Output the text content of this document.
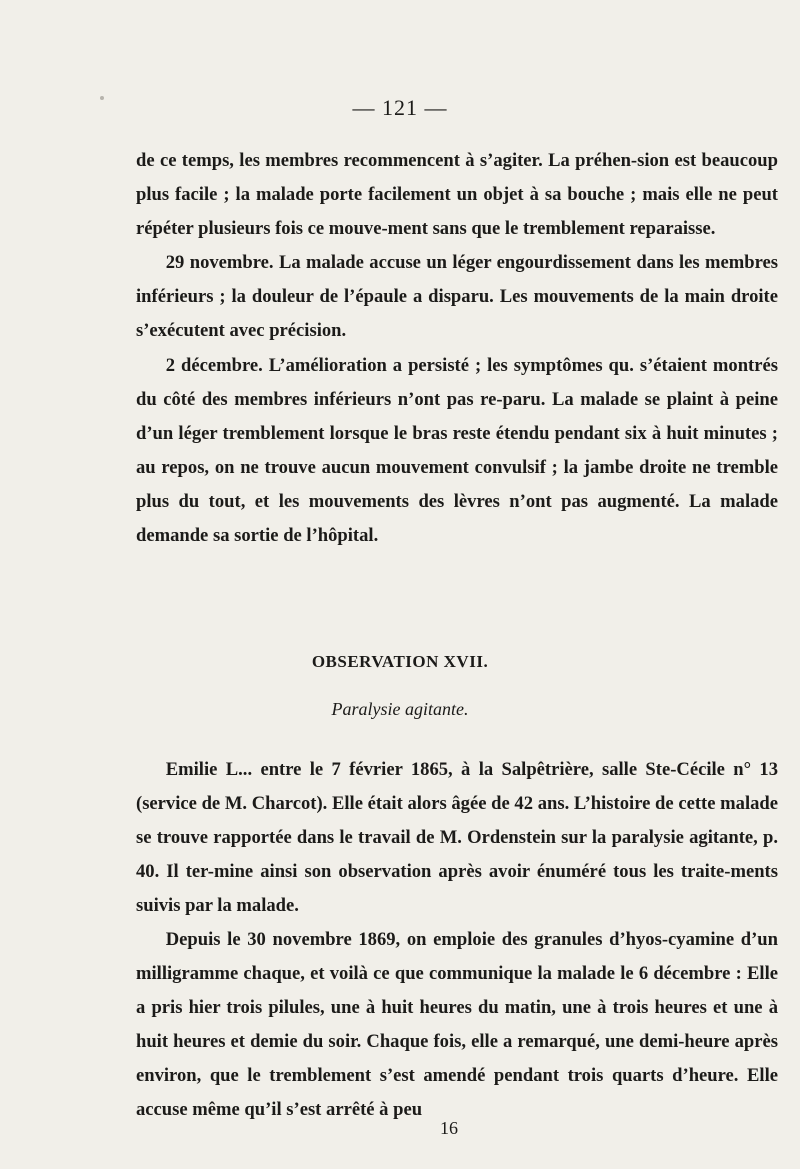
— 121 —

de ce temps, les membres recommencent à s’agiter. La préhen-sion est beaucoup plus facile ; la malade porte facilement un objet à sa bouche ; mais elle ne peut répéter plusieurs fois ce mouve-ment sans que le tremblement reparaisse.

29 novembre. La malade accuse un léger engourdissement dans les membres inférieurs ; la douleur de l’épaule a disparu. Les mouvements de la main droite s’exécutent avec précision.

2 décembre. L’amélioration a persisté ; les symptômes qu. s’étaient montrés du côté des membres inférieurs n’ont pas re-paru. La malade se plaint à peine d’un léger tremblement lorsque le bras reste étendu pendant six à huit minutes ; au repos, on ne trouve aucun mouvement convulsif ; la jambe droite ne tremble plus du tout, et les mouvements des lèvres n’ont pas augmenté. La malade demande sa sortie de l’hôpital.

OBSERVATION XVII.
Paralysie agitante.

Emilie L... entre le 7 février 1865, à la Salpêtrière, salle Ste-Cécile n° 13 (service de M. Charcot). Elle était alors âgée de 42 ans. L’histoire de cette malade se trouve rapportée dans le travail de M. Ordenstein sur la paralysie agitante, p. 40. Il ter-mine ainsi son observation après avoir énuméré tous les traite-ments suivis par la malade.

Depuis le 30 novembre 1869, on emploie des granules d’hyos-cyamine d’un milligramme chaque, et voilà ce que communique la malade le 6 décembre : Elle a pris hier trois pilules, une à huit heures du matin, une à trois heures et une à huit heures et demie du soir. Chaque fois, elle a remarqué, une demi-heure après environ, que le tremblement s’est amendé pendant trois quarts d’heure. Elle accuse même qu’il s’est arrêté à peu

16
